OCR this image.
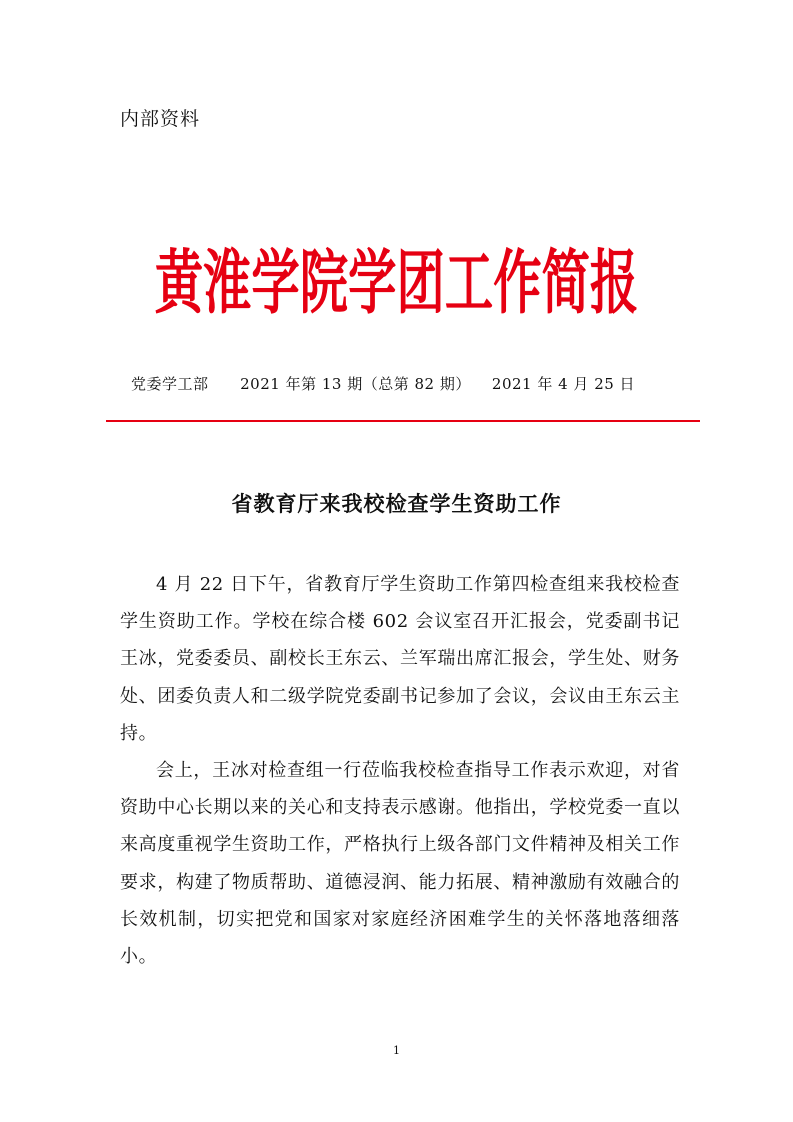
内部资料
黄淮学院学团工作简报
党委学工部 2021 年第 13 期（总第 82 期） 2021 年 4 月 25 日
省教育厅来我校检查学生资助工作

4 月 22 日下午，省教育厅学生资助工作第四检查组来我校检查学生资助工作。学校在综合楼 602 会议室召开汇报会，党委副书记王冰，党委委员、副校长王东云、兰军瑞出席汇报会，学生处、财务处、团委负责人和二级学院党委副书记参加了会议，会议由王东云主持。

会上，王冰对检查组一行莅临我校检查指导工作表示欢迎，对省资助中心长期以来的关心和支持表示感谢。他指出，学校党委一直以来高度重视学生资助工作，严格执行上级各部门文件精神及相关工作要求，构建了物质帮助、道德浸润、能力拓展、精神激励有效融合的长效机制，切实把党和国家对家庭经济困难学生的关怀落地落细落小。

1
